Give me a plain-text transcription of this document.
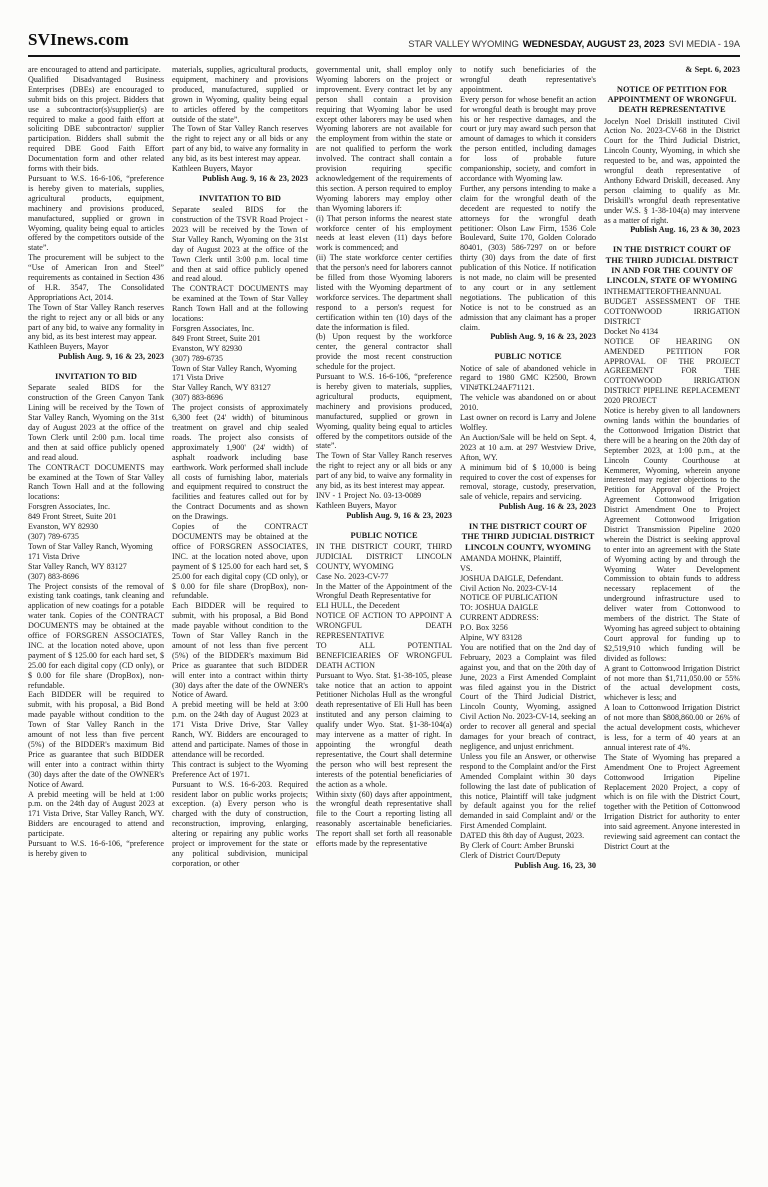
SVInews.com	STAR VALLEY WYOMING WEDNESDAY, AUGUST 23, 2023 SVI MEDIA - 19A

are encouraged to attend and participate.

Qualified Disadvantaged Business Enterprises (DBEs) are encouraged to submit bids on this project. Bidders that use a subcontractor(s)/supplier(s) are required to make a good faith effort at soliciting DBE subcontractor/ supplier participation. Bidders shall submit the required DBE Good Faith Effort Documentation form and other related forms with their bids.

Pursuant to W.S. 16-6-106, “preference is hereby given to materials, supplies, agricultural products, equipment, machinery and provisions produced, manufactured, supplied or grown in Wyoming, quality being equal to articles offered by the competitors outside of the state”.

The procurement will be subject to the “Use of American Iron and Steel” requirements as contained in Section 436 of H.R. 3547, The Consolidated Appropriations Act, 2014.

The Town of Star Valley Ranch reserves the right to reject any or all bids or any part of any bid, to waive any formality in any bid, as its best interest may appear.

Kathleen Buyers, Mayor

Publish Aug. 9, 16 & 23, 2023

INVITATION TO BID

Separate sealed BIDS for the construction of the Green Canyon Tank Lining will be received by the Town of Star Valley Ranch, Wyoming on the 31st day of August 2023 at the office of the Town Clerk until 2:00 p.m. local time and then at said office publicly opened and read aloud.

The CONTRACT DOCUMENTS may be examined at the Town of Star Valley Ranch Town Hall and at the following locations:

Forsgren Associates, Inc.

849 Front Street, Suite 201

Evanston, WY 82930

(307) 789-6735

Town of Star Valley Ranch, Wyoming

171 Vista Drive

Star Valley Ranch, WY 83127

(307) 883-8696

The Project consists of the removal of existing tank coatings, tank cleaning and application of new coatings for a potable water tank. Copies of the CONTRACT DOCUMENTS may be obtained at the office of FORSGREN ASSOCIATES, INC. at the location noted above, upon payment of $ 125.00 for each hard set, $ 25.00 for each digital copy (CD only), or $ 0.00 for file share (DropBox), non-refundable.

Each BIDDER will be required to submit, with his proposal, a Bid Bond made payable without condition to the Town of Star Valley Ranch in the amount of not less than five percent (5%) of the BIDDER's maximum Bid Price as guarantee that such BIDDER will enter into a contract within thirty (30) days after the date of the OWNER's Notice of Award.

A prebid meeting will be held at 1:00 p.m. on the 24th day of August 2023 at 171 Vista Drive, Star Valley Ranch, WY. Bidders are encouraged to attend and participate.

Pursuant to W.S. 16-6-106, “preference is hereby given to

materials, supplies, agricultural products, equipment, machinery and provisions produced, manufactured, supplied or grown in Wyoming, quality being equal to articles offered by the competitors outside of the state”.

The Town of Star Valley Ranch reserves the right to reject any or all bids or any part of any bid, to waive any formality in any bid, as its best interest may appear.

Kathleen Buyers, Mayor

Publish Aug. 9, 16 & 23, 2023

INVITATION TO BID

Separate sealed BIDS for the construction of the TSVR Road Project - 2023 will be received by the Town of Star Valley Ranch, Wyoming on the 31st day of August 2023 at the office of the Town Clerk until 3:00 p.m. local time and then at said office publicly opened and read aloud.

The CONTRACT DOCUMENTS may be examined at the Town of Star Valley Ranch Town Hall and at the following locations:

Forsgren Associates, Inc.

849 Front Street, Suite 201

Evanston, WY 82930

(307) 789-6735

Town of Star Valley Ranch, Wyoming

171 Vista Drive

Star Valley Ranch, WY 83127

(307) 883-8696

The project consists of approximately 6,300 feet (24' width) of bituminous treatment on gravel and chip sealed roads. The project also consists of approximately 1,900' (24' width) of asphalt roadwork including base earthwork. Work performed shall include all costs of furnishing labor, materials and equipment required to construct the facilities and features called out for by the Contract Documents and as shown on the Drawings.

Copies of the CONTRACT DOCUMENTS may be obtained at the office of FORSGREN ASSOCIATES, INC. at the location noted above, upon payment of $ 125.00 for each hard set, $ 25.00 for each digital copy (CD only), or $ 0.00 for file share (DropBox), non-refundable.

Each BIDDER will be required to submit, with his proposal, a Bid Bond made payable without condition to the Town of Star Valley Ranch in the amount of not less than five percent (5%) of the BIDDER's maximum Bid Price as guarantee that such BIDDER will enter into a contract within thirty (30) days after the date of the OWNER's Notice of Award.

A prebid meeting will be held at 3:00 p.m. on the 24th day of August 2023 at 171 Vista Drive Drive, Star Valley Ranch, WY. Bidders are encouraged to attend and participate. Names of those in attendance will be recorded.

This contract is subject to the Wyoming Preference Act of 1971.

Pursuant to W.S. 16-6-203. Required resident labor on public works projects; exception. (a) Every person who is charged with the duty of construction, reconstruction, improving, enlarging, altering or repairing any public works project or improvement for the state or any political subdivision, municipal corporation, or other

governmental unit, shall employ only Wyoming laborers on the project or improvement. Every contract let by any person shall contain a provision requiring that Wyoming labor be used except other laborers may be used when Wyoming laborers are not available for the employment from within the state or are not qualified to perform the work involved. The contract shall contain a provision requiring specific acknowledgement of the requirements of this section. A person required to employ Wyoming laborers may employ other than Wyoming laborers if:

(i) That person informs the nearest state workforce center of his employment needs at least eleven (11) days before work is commenced; and

(ii) The state workforce center certifies that the person's need for laborers cannot be filled from those Wyoming laborers listed with the Wyoming department of workforce services. The department shall respond to a person's request for certification within ten (10) days of the date the information is filed.

(b) Upon request by the workforce center, the general contractor shall provide the most recent construction schedule for the project.

Pursuant to W.S. 16-6-106, “preference is hereby given to materials, supplies, agricultural products, equipment, machinery and provisions produced, manufactured, supplied or grown in Wyoming, quality being equal to articles offered by the competitors outside of the state”.

The Town of Star Valley Ranch reserves the right to reject any or all bids or any part of any bid, to waive any formality in any bid, as its best interest may appear.

INV - 1 Project No. 03-13-0089

Kathleen Buyers, Mayor

Publish Aug. 9, 16 & 23, 2023

PUBLIC NOTICE

IN THE DISTRICT COURT, THIRD JUDICIAL DISTRICT LINCOLN COUNTY, WYOMING

Case No. 2023-CV-77

In the Matter of the Appointment of the Wrongful Death Representative for

ELI HULL, the Decedent

NOTICE OF ACTION TO APPOINT A WRONGFUL DEATH REPRESENTATIVE

TO ALL POTENTIAL BENEFICIEARIES OF WRONGFUL DEATH ACTION

Pursuant to Wyo. Stat. §1-38-105, please take notice that an action to appoint Petitioner Nicholas Hull as the wrongful death representative of Eli Hull has been instituted and any person claiming to qualify under Wyo. Stat. §1-38-104(a) may intervene as a matter of right. In appointing the wrongful death representative, the Court shall determine the person who will best represent the interests of the potential beneficiaries of the action as a whole.

Within sixty (60) days after appointment, the wrongful death representative shall file to the Court a reporting listing all reasonably ascertainable beneficiaries. The report shall set forth all reasonable efforts made by the representative

to notify such beneficiaries of the wrongful death representative's appointment.

Every person for whose benefit an action for wrongful death is brought may prove his or her respective damages, and the court or jury may award such person that amount of damages to which it considers the person entitled, including damages for loss of probable future companionship, society, and comfort in accordance with Wyoming law.

Further, any persons intending to make a claim for the wrongful death of the decedent are requested to notify the attorneys for the wrongful death petitioner: Olson Law Firm, 1536 Cole Boulevard, Suite 170, Golden Colorado 80401, (303) 586-7297 on or before thirty (30) days from the date of first publication of this Notice. If notification is not made, no claim will be presented to any court or in any settlement negotiations. The publication of this Notice is not to be construed as an admission that any claimant has a proper claim.

Publish Aug. 9, 16 & 23, 2023

PUBLIC NOTICE

Notice of sale of abandoned vehicle in regard to 1980 GMC K2500, Brown VIN#TKL24AF71121.

The vehicle was abandoned on or about 2010.

Last owner on record is Larry and Jolene Wolfley.

An Auction/Sale will be held on Sept. 4, 2023 at 10 a.m. at 297 Westview Drive, Afton, WY.

A minimum bid of $ 10,000 is being required to cover the cost of expenses for removal, storage, custody, preservation, sale of vehicle, repairs and servicing.

Publish Aug. 16 & 23, 2023

IN THE DISTRICT COURT OF THE THIRD JUDICIAL DISTRICT LINCOLN COUNTY, WYOMING

AMANDA MOHNK, Plaintiff,

VS.

JOSHUA DAIGLE, Defendant.

Civil Action No. 2023-CV-14

NOTICE OF PUBLICATION

TO: JOSHUA DAIGLE

CURRENT ADDRESS:

P.O. Box 3256

Alpine, WY 83128

You are notified that on the 2nd day of February, 2023 a Complaint was filed against you, and that on the 20th day of June, 2023 a First Amended Complaint was filed against you in the District Court of the Third Judicial District, Lincoln County, Wyoming, assigned Civil Action No. 2023-CV-14, seeking an order to recover all general and special damages for your breach of contract, negligence, and unjust enrichment.

Unless you file an Answer, or otherwise respond to the Complaint and/or the First Amended Complaint within 30 days following the last date of publication of this notice, Plaintiff will take judgment by default against you for the relief demanded in said Complaint and/ or the First Amended Complaint.

DATED this 8th day of August, 2023.

By Clerk of Court: Amber Brunski

Clerk of District Court/Deputy

Publish Aug. 16, 23, 30

& Sept. 6, 2023

NOTICE OF PETITION FOR APPOINTMENT OF WRONGFUL DEATH REPRESENTATIVE

Jocelyn Noel Driskill instituted Civil Action No. 2023-CV-68 in the District Court for the Third Judicial District, Lincoln County, Wyoming, in which she requested to be, and was, appointed the wrongful death representative of Anthony Edward Driskill, deceased. Any person claiming to qualify as Mr. Driskill's wrongful death representative under W.S. § 1-38-104(a) may intervene as a matter of right.

Publish Aug. 16, 23 & 30, 2023

IN THE DISTRICT COURT OF THE THIRD JUDICIAL DISTRICT IN AND FOR THE COUNTY OF LINCOLN, STATE OF WYOMING

INTHEMATTEROFTHEANNUAL BUDGET ASSESSMENT OF THE COTTONWOOD IRRIGATION DISTRICT

Docket No 4134

NOTICE OF HEARING ON AMENDED PETITION FOR APPROVAL OF THE PROJECT AGREEMENT FOR THE COTTONWOOD IRRIGATION DISTRICT PIPELINE REPLACEMENT 2020 PROJECT

Notice is hereby given to all landowners owning lands within the boundaries of the Cottonwood Irrigation District that there will be a hearing on the 20th day of September 2023, at 1:00 p.m., at the Lincoln County Courthouse at Kemmerer, Wyoming, wherein anyone interested may register objections to the Petition for Approval of the Project Agreement Cottonwood Irrigation District Amendment One to Project Agreement Cottonwood Irrigation District Transmission Pipeline 2020 wherein the District is seeking approval to enter into an agreement with the State of Wyoming acting by and through the Wyoming Water Development Commission to obtain funds to address necessary replacement of the underground infrastructure used to deliver water from Cottonwood to members of the district. The State of Wyoming has agreed subject to obtaining Court approval for funding up to $2,519,910 which funding will be divided as follows:

A grant to Cottonwood Irrigation District of not more than $1,711,050.00 or 55% of the actual development costs, whichever is less; and

A loan to Cottonwood Irrigation District of not more than $808,860.00 or 26% of the actual development costs, whichever is less, for a term of 40 years at an annual interest rate of 4%.

The State of Wyoming has prepared a Amendment One to Project Agreement Cottonwood Irrigation Pipeline Replacement 2020 Project, a copy of which is on file with the District Court, together with the Petition of Cottonwood Irrigation District for authority to enter into said agreement. Anyone interested in reviewing said agreement can contact the District Court at the
